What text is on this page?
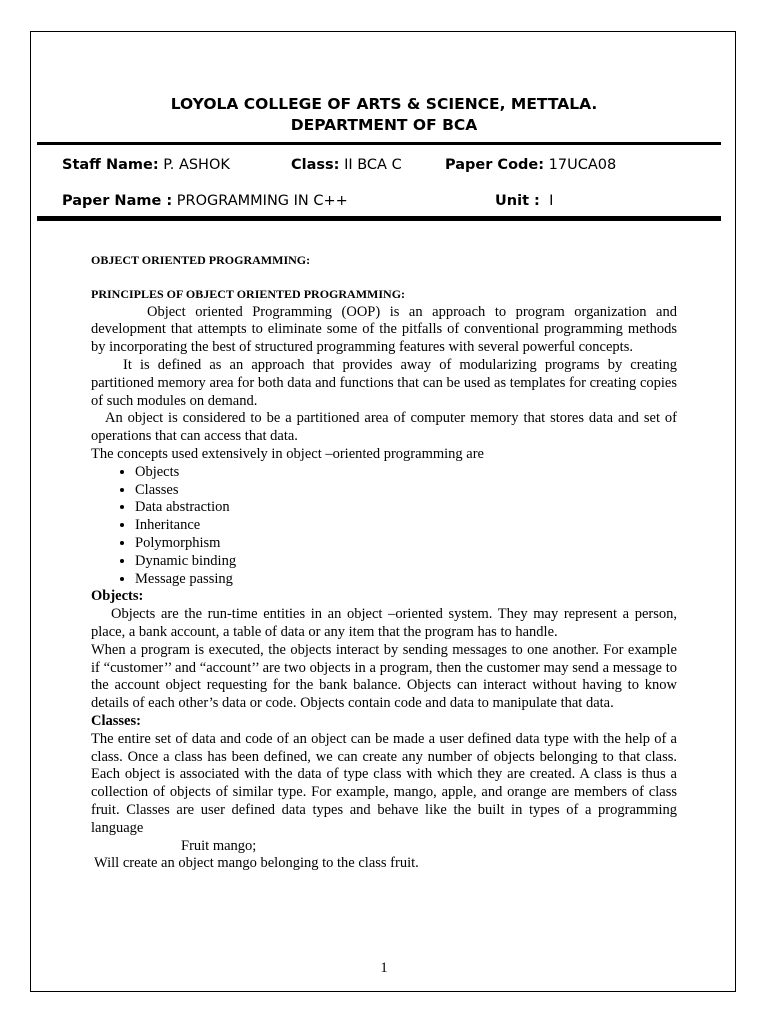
LOYOLA COLLEGE OF ARTS & SCIENCE, METTALA.
DEPARTMENT OF BCA
Staff Name: P. ASHOK	Class: II BCA C	Paper Code: 17UCA08
Paper Name : PROGRAMMING IN C++	Unit : I

OBJECT ORIENTED PROGRAMMING:

PRINCIPLES OF OBJECT ORIENTED PROGRAMMING:

Object oriented Programming (OOP) is an approach to program organization and development that attempts to eliminate some of the pitfalls of conventional programming methods by incorporating the best of structured programming features with several powerful concepts.

It is defined as an approach that provides away of modularizing programs by creating partitioned memory area for both data and functions that can be used as templates for creating copies of such modules on demand.

An object is considered to be a partitioned area of computer memory that stores data and set of operations that can access that data.

The concepts used extensively in object –oriented programming are

• Objects
• Classes
• Data abstraction
• Inheritance
• Polymorphism
• Dynamic binding
• Message passing

Objects:

Objects are the run-time entities in an object –oriented system. They may represent a person, place, a bank account, a table of data or any item that the program has to handle.

When a program is executed, the objects interact by sending messages to one another. For example if “customer’’ and “account’’ are two objects in a program, then the customer may send a message to the account object requesting for the bank balance. Objects can interact without having to know details of each other’s data or code. Objects contain code and data to manipulate that data.

Classes:

The entire set of data and code of an object can be made a user defined data type with the help of a class. Once a class has been defined, we can create any number of objects belonging to that class. Each object is associated with the data of type class with which they are created. A class is thus a collection of objects of similar type. For example, mango, apple, and orange are members of class fruit. Classes are user defined data types and behave like the built in types of a programming language

Fruit mango;

Will create an object mango belonging to the class fruit.

1
